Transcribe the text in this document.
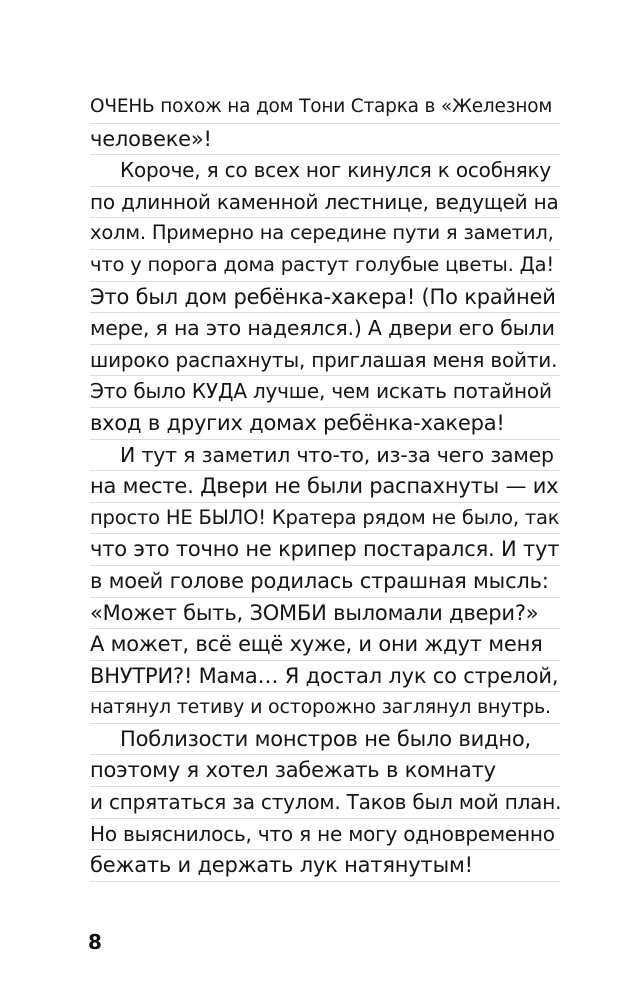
ОЧЕНЬ похож на дом Тони Старка в «Железном
человеке»!
Короче, я со всех ног кинулся к особняку
по длинной каменной лестнице, ведущей на
холм. Примерно на середине пути я заметил,
что у порога дома растут голубые цветы. Да!
Это был дом ребёнка-хакера! (По крайней
мере, я на это надеялся.) А двери его были
широко распахнуты, приглашая меня войти.
Это было КУДА лучше, чем искать потайной
вход в других домах ребёнка-хакера!
И тут я заметил что-то, из-за чего замер
на месте. Двери не были распахнуты — их
просто НЕ БЫЛО! Кратера рядом не было, так
что это точно не крипер постарался. И тут
в моей голове родилась страшная мысль:
«Может быть, ЗОМБИ выломали двери?»
А может, всё ещё хуже, и они ждут меня
ВНУТРИ?! Мама… Я достал лук со стрелой,
натянул тетиву и осторожно заглянул внутрь.
Поблизости монстров не было видно,
поэтому я хотел забежать в комнату
и спрятаться за стулом. Таков был мой план.
Но выяснилось, что я не могу одновременно
бежать и держать лук натянутым!
8
